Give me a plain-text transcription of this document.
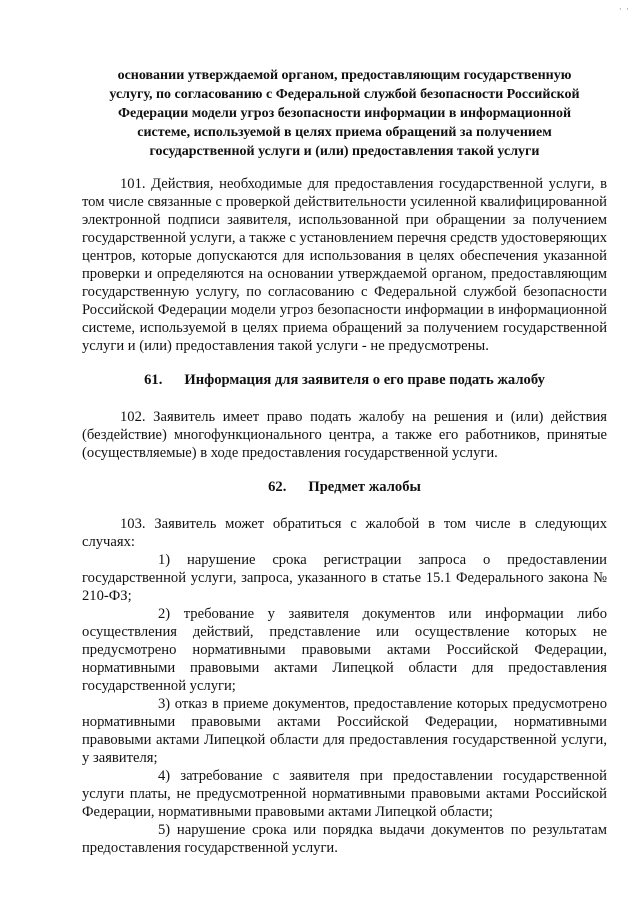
· ·
основании утверждаемой органом, предоставляющим государственную
услугу, по согласованию с Федеральной службой безопасности Российской
Федерации модели угроз безопасности информации в информационной
системе, используемой в целях приема обращений за получением
государственной услуги и (или) предоставления такой услуги

101. Действия, необходимые для предоставления государственной услуги, в том числе связанные с проверкой действительности усиленной квалифицированной электронной подписи заявителя, использованной при обращении за получением государственной услуги, а также с установлением перечня средств удостоверяющих центров, которые допускаются для использования в целях обеспечения указанной проверки и определяются на основании утверждаемой органом, предоставляющим государственную услугу, по согласованию с Федеральной службой безопасности Российской Федерации модели угроз безопасности информации в информационной системе, используемой в целях приема обращений за получением государственной услуги и (или) предоставления такой услуги - не предусмотрены.

61. Информация для заявителя о его праве подать жалобу

102. Заявитель имеет право подать жалобу на решения и (или) действия (бездействие) многофункционального центра, а также его работников, принятые (осуществляемые) в ходе предоставления государственной услуги.

62. Предмет жалобы

103. Заявитель может обратиться с жалобой в том числе в следующих случаях:

1) нарушение срока регистрации запроса о предоставлении государственной услуги, запроса, указанного в статье 15.1 Федерального закона № 210-ФЗ;

2) требование у заявителя документов или информации либо осуществления действий, представление или осуществление которых не предусмотрено нормативными правовыми актами Российской Федерации, нормативными правовыми актами Липецкой области для предоставления государственной услуги;

3) отказ в приеме документов, предоставление которых предусмотрено нормативными правовыми актами Российской Федерации, нормативными правовыми актами Липецкой области для предоставления государственной услуги, у заявителя;

4) затребование с заявителя при предоставлении государственной услуги платы, не предусмотренной нормативными правовыми актами Российской Федерации, нормативными правовыми актами Липецкой области;

5) нарушение срока или порядка выдачи документов по результатам предоставления государственной услуги.
